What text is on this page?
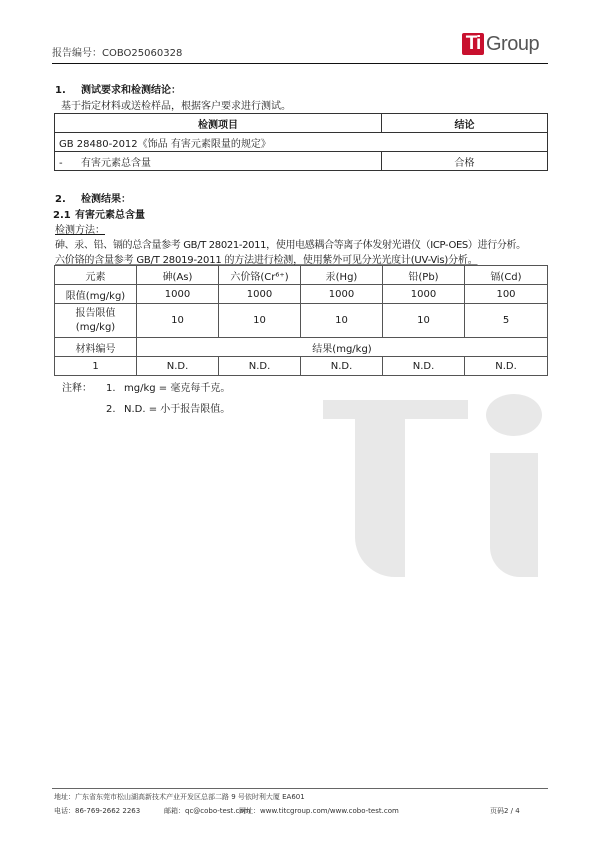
报告编号：COBO25060328	Ti Group
1. 测试要求和检测结论：
基于指定材料或送检样品，根据客户要求进行测试。
检测项目	结论
GB 28480-2012《饰品 有害元素限量的规定》	
- 有害元素总含量	合格
2. 检测结果：
2.1 有害元素总含量
检测方法：
砷、汞、铅、镉的总含量参考 GB/T 28021-2011，使用电感耦合等离子体发射光谱仪（ICP-OES）进行分析。
六价铬的含量参考 GB/T 28019-2011 的方法进行检测，使用紫外可见分光光度计(UV-Vis)分析。
元素	砷(As)	六价铬(Cr⁶⁺)	汞(Hg)	铅(Pb)	镉(Cd)
限值(mg/kg)	1000	1000	1000	1000	100
报告限值
(mg/kg)	10	10	10	10	5
材料编号	结果(mg/kg)				
1	N.D.	N.D.	N.D.	N.D.	N.D.
注释： 1. mg/kg = 毫克每千克。
2. N.D. = 小于报告限值。
地址：广东省东莞市松山湖高新技术产业开发区总部二路 9 号依时利大厦 EA601
电话：86-769-2662 2263	邮箱：qc@cobo-test.com
网址：www.titcgroup.com/www.cobo-test.com	页码2 / 4
